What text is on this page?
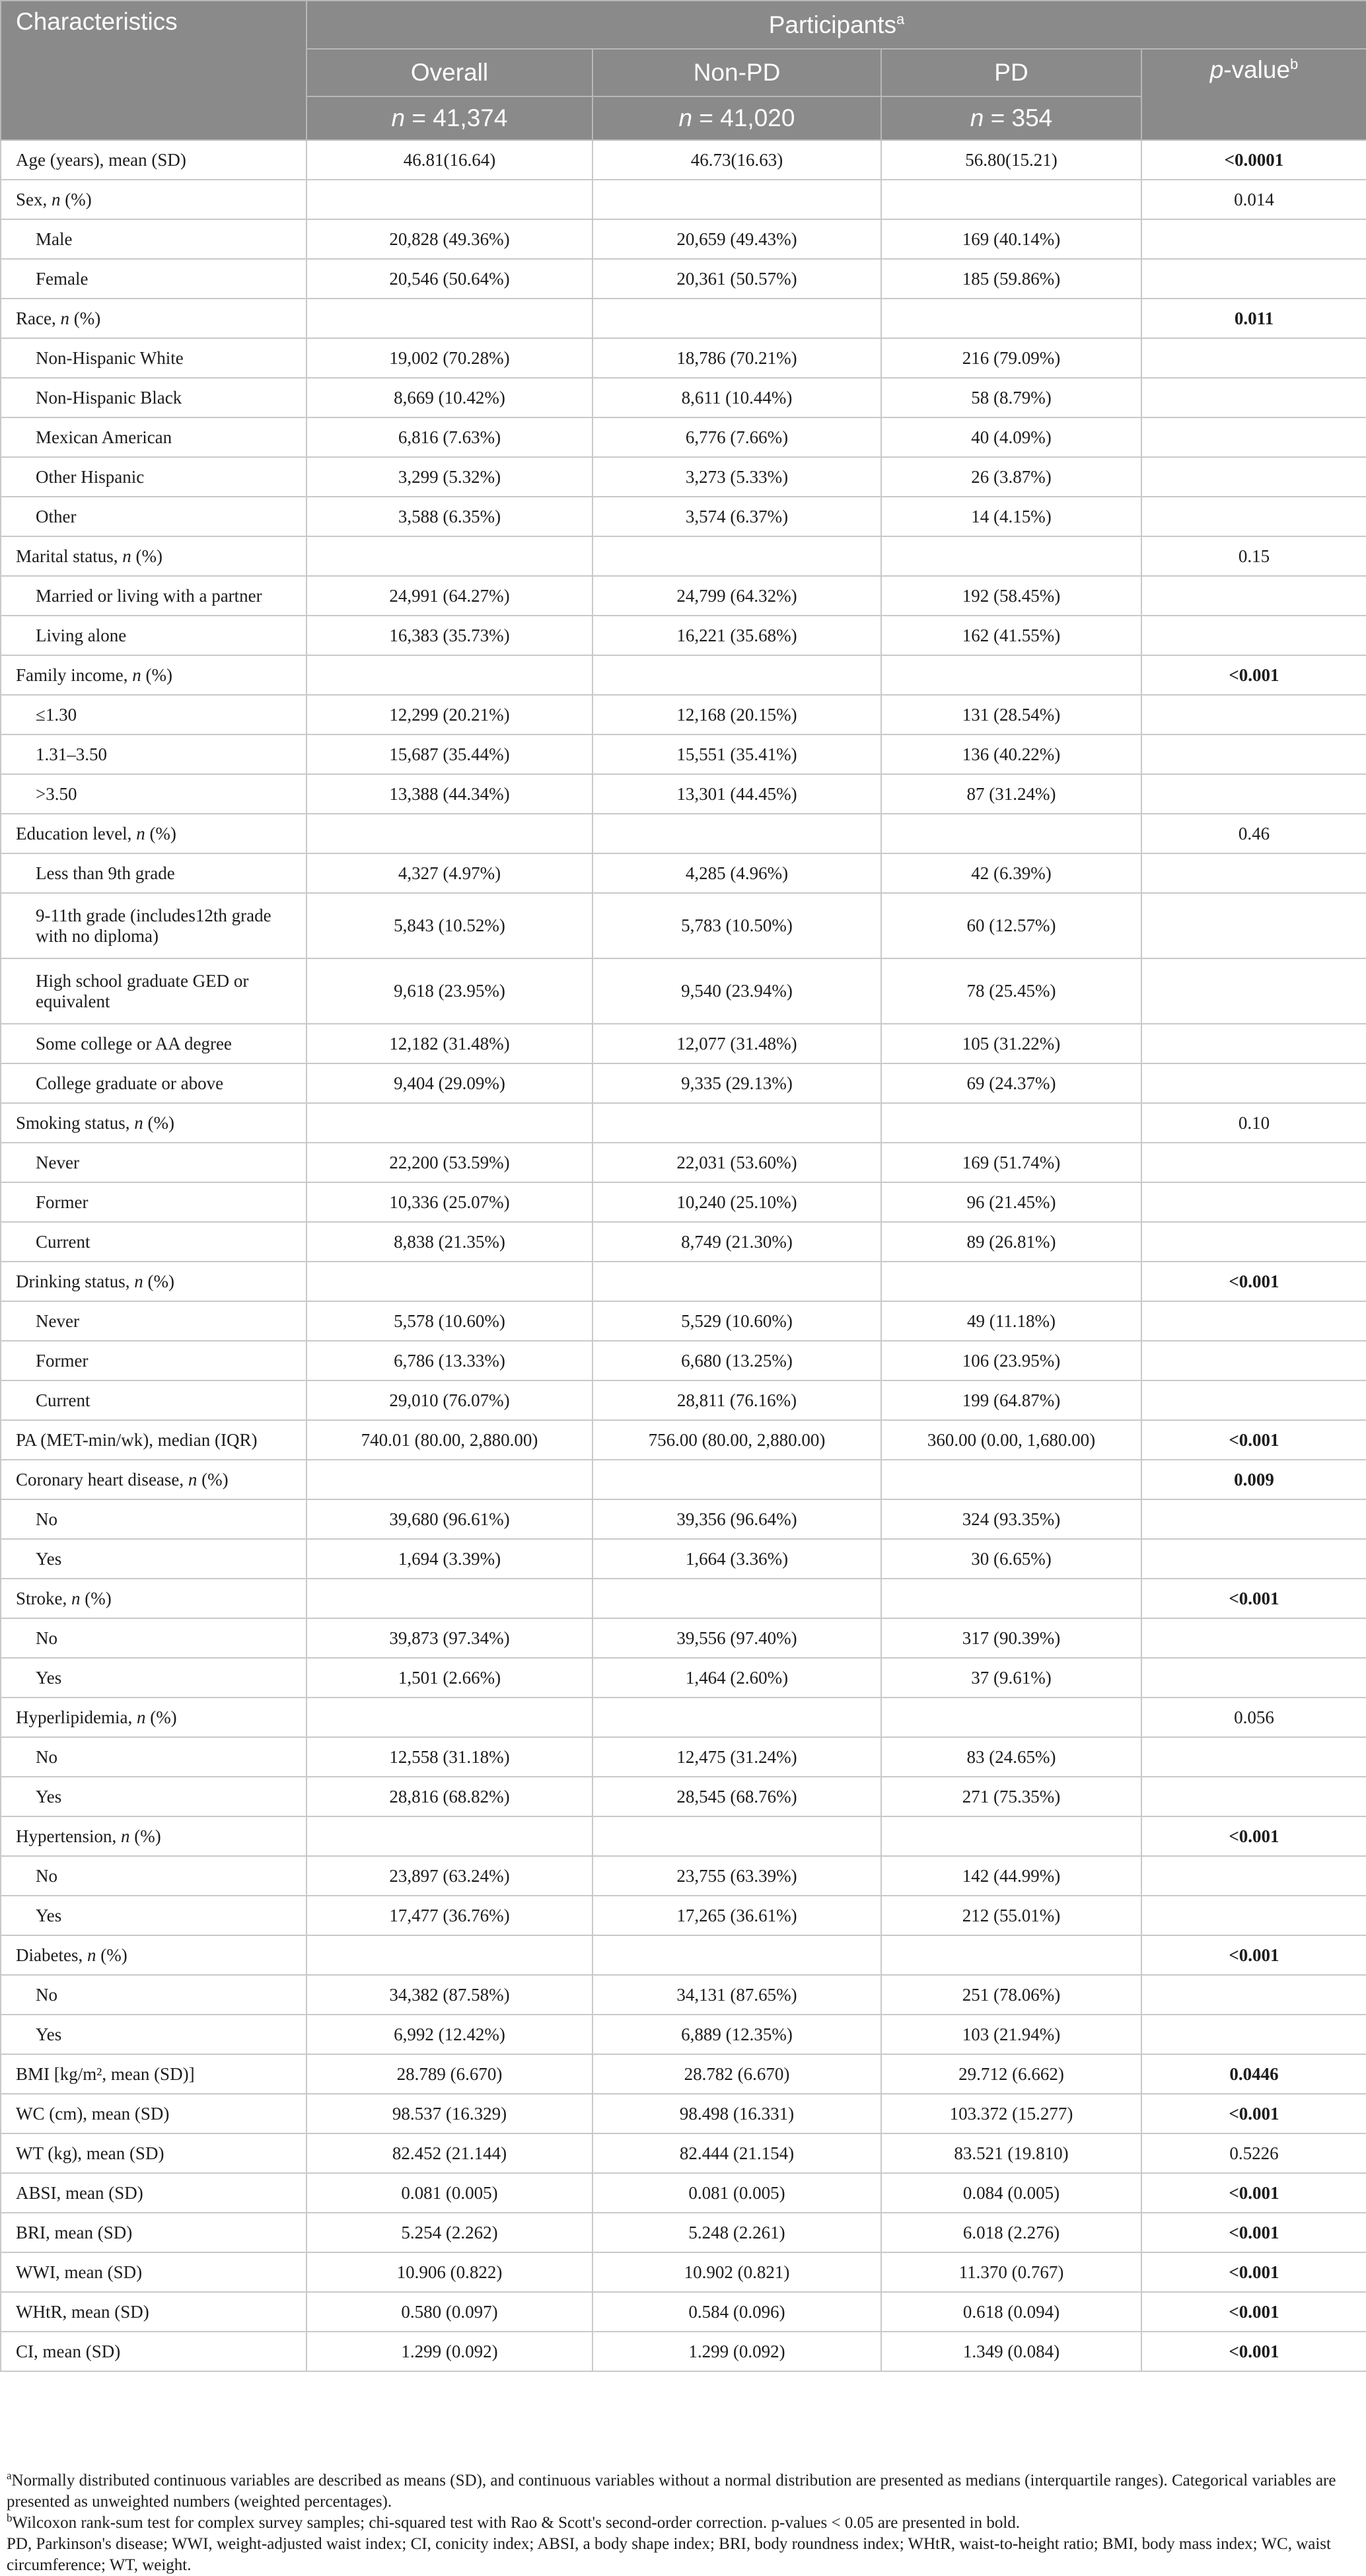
Characteristics	Participants$^a$
	Overall	Non-PD	PD	p-value$^b$
	n = 41,374	n = 41,020	n = 354	
Age (years), mean (SD)	46.81(16.64)	46.73(16.63)	56.80(15.21)	<0.0001
Sex, n (%)				0.014
Male	20,828 (49.36%)	20,659 (49.43%)	169 (40.14%)	
Female	20,546 (50.64%)	20,361 (50.57%)	185 (59.86%)	
Race, n (%)				0.011
Non-Hispanic White	19,002 (70.28%)	18,786 (70.21%)	216 (79.09%)	
Non-Hispanic Black	8,669 (10.42%)	8,611 (10.44%)	58 (8.79%)	
Mexican American	6,816 (7.63%)	6,776 (7.66%)	40 (4.09%)	
Other Hispanic	3,299 (5.32%)	3,273 (5.33%)	26 (3.87%)	
Other	3,588 (6.35%)	3,574 (6.37%)	14 (4.15%)	
Marital status, n (%)				0.15
Married or living with a partner	24,991 (64.27%)	24,799 (64.32%)	192 (58.45%)	
Living alone	16,383 (35.73%)	16,221 (35.68%)	162 (41.55%)	
Family income, n (%)				<0.001
≤1.30	12,299 (20.21%)	12,168 (20.15%)	131 (28.54%)	
1.31–3.50	15,687 (35.44%)	15,551 (35.41%)	136 (40.22%)	
>3.50	13,388 (44.34%)	13,301 (44.45%)	87 (31.24%)	
Education level, n (%)				0.46
Less than 9th grade	4,327 (4.97%)	4,285 (4.96%)	42 (6.39%)	
9-11th grade (includes12th grade with no diploma)	5,843 (10.52%)	5,783 (10.50%)	60 (12.57%)	
High school graduate GED or equivalent	9,618 (23.95%)	9,540 (23.94%)	78 (25.45%)	
Some college or AA degree	12,182 (31.48%)	12,077 (31.48%)	105 (31.22%)	
College graduate or above	9,404 (29.09%)	9,335 (29.13%)	69 (24.37%)	
Smoking status, n (%)				0.10
Never	22,200 (53.59%)	22,031 (53.60%)	169 (51.74%)	
Former	10,336 (25.07%)	10,240 (25.10%)	96 (21.45%)	
Current	8,838 (21.35%)	8,749 (21.30%)	89 (26.81%)	
Drinking status, n (%)				<0.001
Never	5,578 (10.60%)	5,529 (10.60%)	49 (11.18%)	
Former	6,786 (13.33%)	6,680 (13.25%)	106 (23.95%)	
Current	29,010 (76.07%)	28,811 (76.16%)	199 (64.87%)	
PA (MET-min/wk), median (IQR)	740.01 (80.00, 2,880.00)	756.00 (80.00, 2,880.00)	360.00 (0.00, 1,680.00)	<0.001
Coronary heart disease, n (%)				0.009
No	39,680 (96.61%)	39,356 (96.64%)	324 (93.35%)	
Yes	1,694 (3.39%)	1,664 (3.36%)	30 (6.65%)	
Stroke, n (%)				<0.001
No	39,873 (97.34%)	39,556 (97.40%)	317 (90.39%)	
Yes	1,501 (2.66%)	1,464 (2.60%)	37 (9.61%)	
Hyperlipidemia, n (%)				0.056
No	12,558 (31.18%)	12,475 (31.24%)	83 (24.65%)	
Yes	28,816 (68.82%)	28,545 (68.76%)	271 (75.35%)	
Hypertension, n (%)				<0.001
No	23,897 (63.24%)	23,755 (63.39%)	142 (44.99%)	
Yes	17,477 (36.76%)	17,265 (36.61%)	212 (55.01%)	
Diabetes, n (%)				<0.001
No	34,382 (87.58%)	34,131 (87.65%)	251 (78.06%)	
Yes	6,992 (12.42%)	6,889 (12.35%)	103 (21.94%)	
BMI [kg/m², mean (SD)]	28.789 (6.670)	28.782 (6.670)	29.712 (6.662)	0.0446
WC (cm), mean (SD)	98.537 (16.329)	98.498 (16.331)	103.372 (15.277)	<0.001
WT (kg), mean (SD)	82.452 (21.144)	82.444 (21.154)	83.521 (19.810)	0.5226
ABSI, mean (SD)	0.081 (0.005)	0.081 (0.005)	0.084 (0.005)	<0.001
BRI, mean (SD)	5.254 (2.262)	5.248 (2.261)	6.018 (2.276)	<0.001
WWI, mean (SD)	10.906 (0.822)	10.902 (0.821)	11.370 (0.767)	<0.001
WHtR, mean (SD)	0.580 (0.097)	0.584 (0.096)	0.618 (0.094)	<0.001
CI, mean (SD)	1.299 (0.092)	1.299 (0.092)	1.349 (0.084)	<0.001

$^a$Normally distributed continuous variables are described as means (SD), and continuous variables without a normal distribution are presented as medians (interquartile ranges). Categorical variables are presented as unweighted numbers (weighted percentages).

$^b$Wilcoxon rank-sum test for complex survey samples; chi-squared test with Rao & Scott's second-order correction. p-values < 0.05 are presented in bold.

PD, Parkinson's disease; WWI, weight-adjusted waist index; CI, conicity index; ABSI, a body shape index; BRI, body roundness index; WHtR, waist-to-height ratio; BMI, body mass index; WC, waist circumference; WT, weight.
